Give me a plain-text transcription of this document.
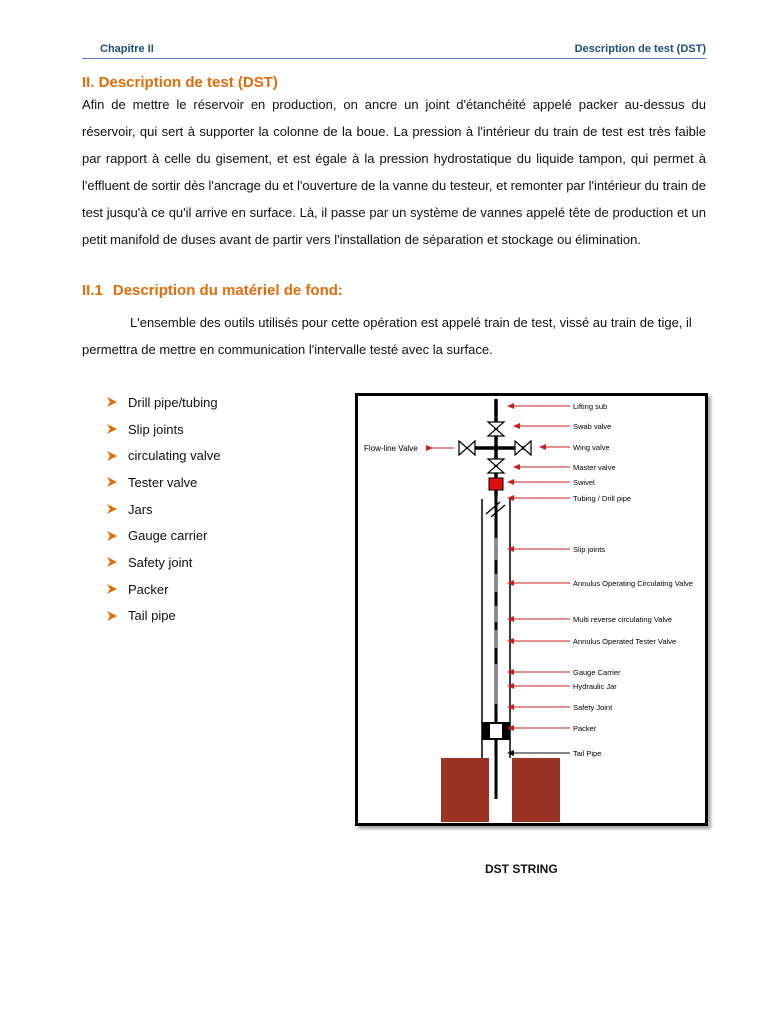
Chapitre II	Description de test (DST)
II. Description de test (DST)

Afin de mettre le réservoir en production, on ancre un joint d'étanchéité appelé packer au-dessus du réservoir, qui sert à supporter la colonne de la boue. La pression à l'intérieur du train de test est très faible par rapport à celle du gisement, et est égale à la pression hydrostatique du liquide tampon, qui permet à l'effluent de sortir dès l'ancrage du et l'ouverture de la vanne du testeur, et remonter par l'intérieur du train de test jusqu'à ce qu'il arrive en surface. Là, il passe par un système de vannes appelé tête de production et un petit manifold de duses avant de partir vers l'installation de séparation et stockage ou élimination.

II.1 Description du matériel de fond:

L'ensemble des outils utilisés pour cette opération est appelé train de test, vissé au train de tige, il permettra de mettre en communication l'intervalle testé avec la surface.

Drill pipe/tubing
Slip joints
circulating valve
Tester valve
Jars
Gauge carrier
Safety joint
Packer
Tail pipe
Flow-line Valve
Lifting sub
Swab valve
Wing valve
Master valve
Swivel
Tubing / Drill pipe
Slip joints
Annulus Operating Circulating Valve
Multi reverse circulating Valve
Annulus Operated Tester Valve
Gauge Carrier
Hydraulic Jar
Safety Joint
Packer
Tail Pipe
DST STRING
